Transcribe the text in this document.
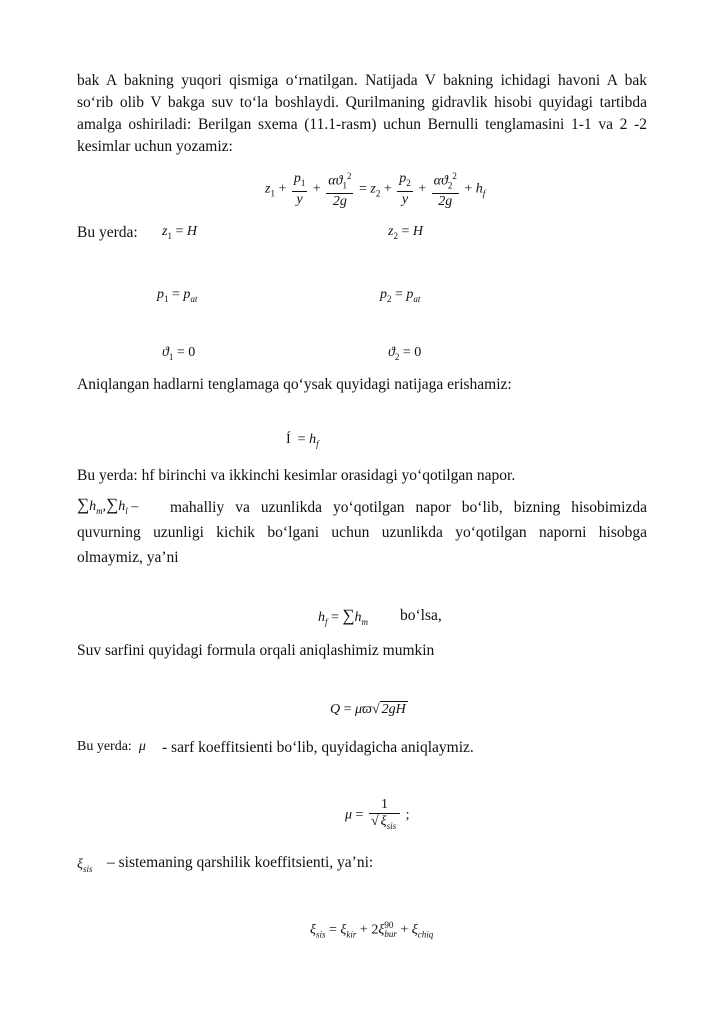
bak A bakning yuqori qismiga oʻrnatilgan. Natijada V bakning ichidagi havoni A bak
soʻrib olib V bakga suv toʻla boshlaydi. Qurilmaning gidravlik hisobi quyidagi tartibda
amalga oshiriladi: Berilgan sxema (11.1-rasm) uchun Bernulli tenglamasini 1-1 va 2 -2
kesimlar uchun yozamiz:
$z_1 + \frac{p_1}{y} + \frac{\alpha ϑ_1^2}{2g} = z_2 + \frac{p_2}{y} + \frac{\alpha ϑ_2^2}{2g} + h_f$
Bu yerda:	$z_1 = H$	$z_2 = H$
$p_1 = p_{at}$	$p_2 = p_{at}$
$ϑ_1 = 0$	$ϑ_2 = 0$
Aniqlangan hadlarni tenglamaga qoʻysak quyidagi natijaga erishamiz:
Í = $h_f$
Bu yerda: hf birinchi va ikkinchi kesimlar orasidagi yoʻqotilgan napor.
$\sum h_m,\sum h_l$ – mahalliy va uzunlikda yoʻqotilgan napor boʻlib, bizning hisobimizda
quvurning uzunligi kichik boʻlgani uchun uzunlikda yoʻqotilgan naporni hisobga
olmaymiz, ya’ni
$h_f = \sum h_m$ boʻlsa,
Suv sarfini quyidagi formula orqali aniqlashimiz mumkin
Q = μϖ√ 2gH
Bu yerda:  μ - sarf koeffitsienti boʻlib, quyidagicha aniqlaymiz.
$\mu = \frac{1}{√ \xi_{sis}}$ ;
$\xi_{sis}$ – sistemaning qarshilik koeffitsienti, ya’ni:
$\xi_{sis} = \xi_{kir} + 2\xi^{90}_{bur} + \xi_{chiq}$
